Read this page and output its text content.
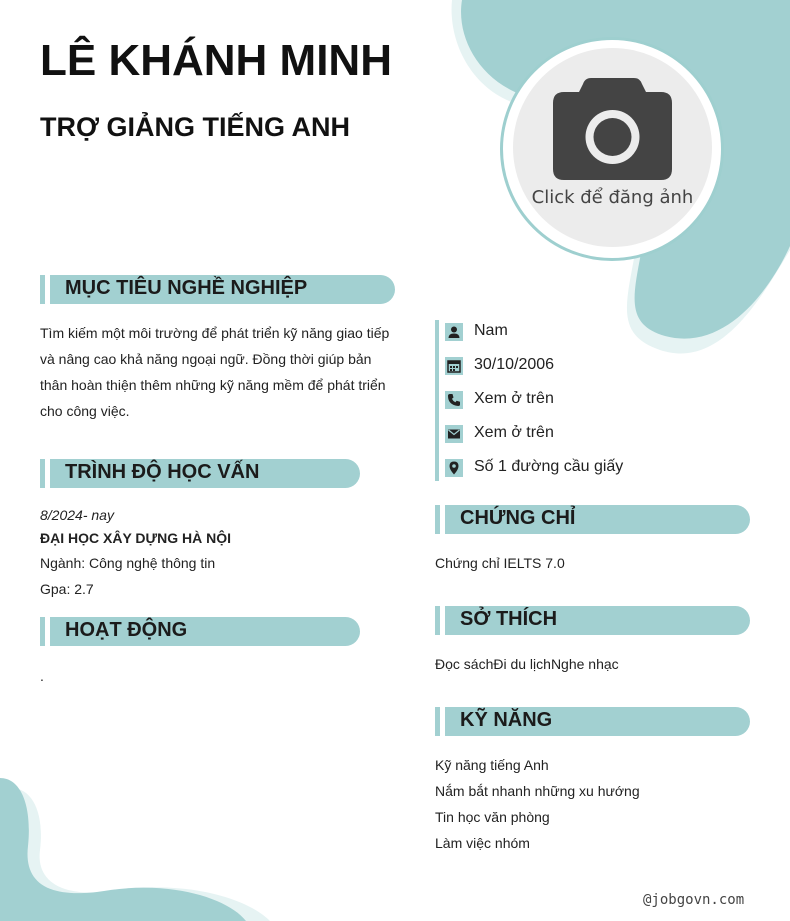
LÊ KHÁNH MINH
TRỢ GIẢNG TIẾNG ANH
Click để đăng ảnh
MỤC TIÊU NGHỀ NGHIỆP
Tìm kiếm một môi trường để phát triển kỹ năng giao tiếp
và nâng cao khả năng ngoại ngữ. Đồng thời giúp bản
thân hoàn thiện thêm những kỹ năng mềm để phát triển
cho công việc.
TRÌNH ĐỘ HỌC VẤN
8/2024- nay
ĐẠI HỌC XÂY DỰNG HÀ NỘI
Ngành: Công nghệ thông tin
Gpa: 2.7
HOẠT ĐỘNG
.
Nam
30/10/2006
Xem ở trên
Xem ở trên
Số 1 đường cầu giấy
CHỨNG CHỈ
Chứng chỉ IELTS 7.0
SỞ THÍCH
Đọc sáchĐi du lịchNghe nhạc
KỸ NĂNG
Kỹ năng tiếng Anh
Nắm bắt nhanh những xu hướng
Tin học văn phòng
Làm việc nhóm
@jobgovn.com
